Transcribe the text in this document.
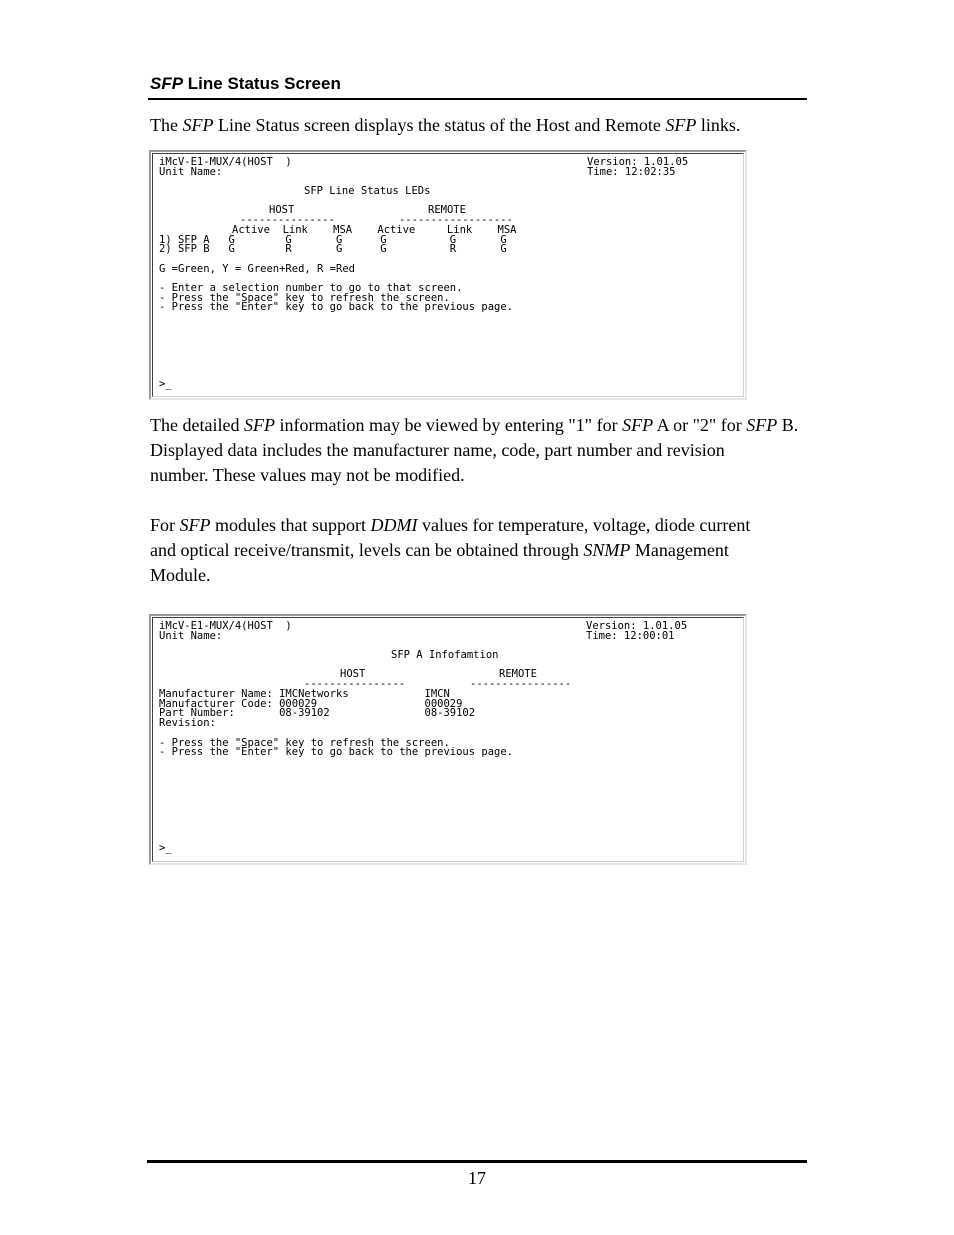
SFP Line Status Screen
The SFP Line Status screen displays the status of the Host and Remote SFP links.
iMcV-E1-MUX/4(HOST  )
Unit Name:
Version: 1.01.05
Time: 12:02:35
SFP Line Status LEDs
HOST	REMOTE
---------------	------------------
Active  Link    MSA    Active     Link    MSA
1) SFP A   G        G       G      G          G       G
2) SFP B   G        R       G      G          R       G
G =Green, Y = Green+Red, R =Red
- Enter a selection number to go to that screen.
- Press the "Space" key to refresh the screen.
- Press the "Enter" key to go back to the previous page.
>_
The detailed SFP information may be viewed by entering "1" for SFP A or "2" for SFP B.
Displayed data includes the manufacturer name, code, part number and revision
number. These values may not be modified.
For SFP modules that support DDMI values for temperature, voltage, diode current
and optical receive/transmit, levels can be obtained through SNMP Management
Module.
iMcV-E1-MUX/4(HOST  )
Unit Name:
Version: 1.01.05
Time: 12:00:01
SFP A Infofamtion
HOST	REMOTE
----------------	----------------
Manufacturer Name: IMCNetworks            IMCN
Manufacturer Code: 000029                 000029
Part Number:       08-39102               08-39102
Revision:
- Press the "Space" key to refresh the screen.
- Press the "Enter" key to go back to the previous page.
>_
17
